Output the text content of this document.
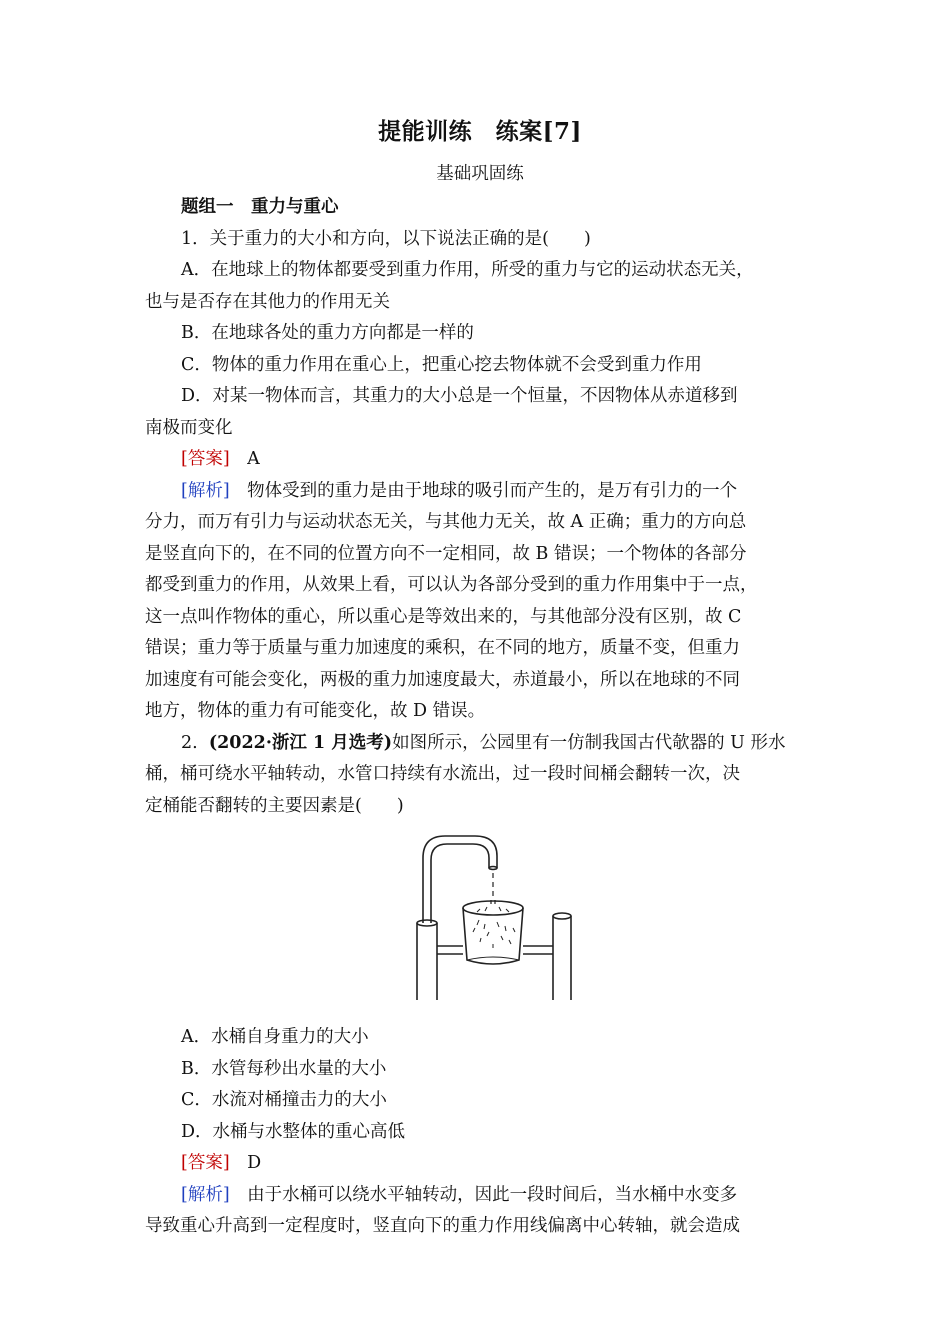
提能训练　练案[7]
基础巩固练
题组一　重力与重心
1．关于重力的大小和方向，以下说法正确的是(　　)
A．在地球上的物体都要受到重力作用，所受的重力与它的运动状态无关，
也与是否存在其他力的作用无关
B．在地球各处的重力方向都是一样的
C．物体的重力作用在重心上，把重心挖去物体就不会受到重力作用
D．对某一物体而言，其重力的大小总是一个恒量，不因物体从赤道移到
南极而变化
[答案]　 A
[解析]　 物体受到的重力是由于地球的吸引而产生的，是万有引力的一个
分力，而万有引力与运动状态无关，与其他力无关，故 A 正确；重力的方向总
是竖直向下的，在不同的位置方向不一定相同，故 B 错误；一个物体的各部分
都受到重力的作用，从效果上看，可以认为各部分受到的重力作用集中于一点，
这一点叫作物体的重心，所以重心是等效出来的，与其他部分没有区别，故 C
错误；重力等于质量与重力加速度的乘积，在不同的地方，质量不变，但重力
加速度有可能会变化，两极的重力加速度最大，赤道最小，所以在地球的不同
地方，物体的重力有可能变化，故 D 错误。
2. (2022·浙江 1 月选考)如图所示，公园里有一仿制我国古代欹器的 U 形水
桶，桶可绕水平轴转动，水管口持续有水流出，过一段时间桶会翻转一次，决
定桶能否翻转的主要因素是(　　)
A．水桶自身重力的大小
B．水管每秒出水量的大小
C．水流对桶撞击力的大小
D．水桶与水整体的重心高低
[答案]　 D
[解析]　 由于水桶可以绕水平轴转动，因此一段时间后，当水桶中水变多
导致重心升高到一定程度时，竖直向下的重力作用线偏离中心转轴，就会造成
